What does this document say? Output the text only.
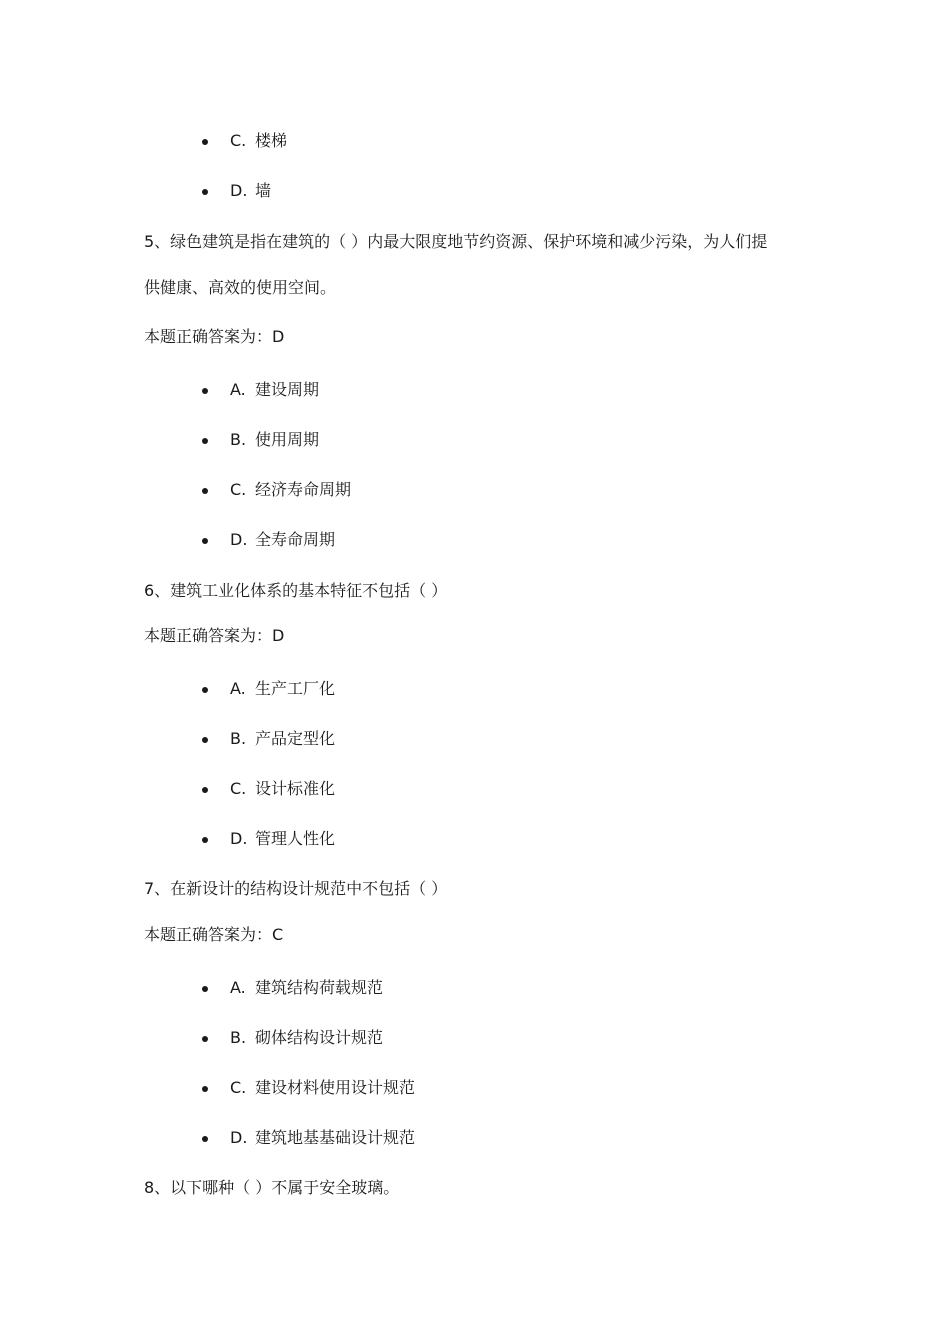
C. 楼梯
D. 墙
5、绿色建筑是指在建筑的（ ）内最大限度地节约资源、保护环境和减少污染，为人们提
供健康、高效的使用空间。
本题正确答案为：D
A. 建设周期
B. 使用周期
C. 经济寿命周期
D. 全寿命周期
6、建筑工业化体系的基本特征不包括（ ）
本题正确答案为：D
A. 生产工厂化
B. 产品定型化
C. 设计标准化
D. 管理人性化
7、在新设计的结构设计规范中不包括（ ）
本题正确答案为：C
A. 建筑结构荷载规范
B. 砌体结构设计规范
C. 建设材料使用设计规范
D. 建筑地基基础设计规范
8、以下哪种（ ）不属于安全玻璃。
